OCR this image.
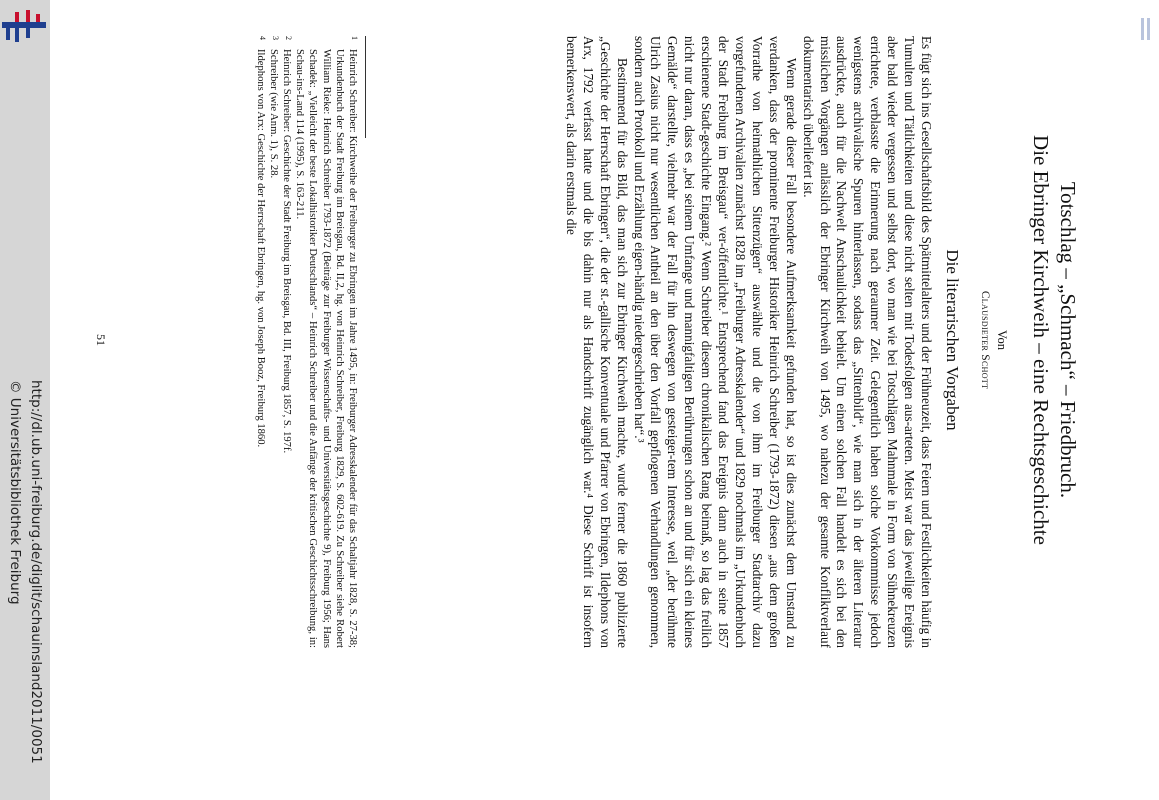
http://dl.ub.uni-freiburg.de/diglit/schauinsland2011/0051
© Universitätsbibliothek Freiburg	Totschlag – „Schmach“ – Friedbruch.
Die Ebringer Kirchweih – eine Rechtsgeschichte
Von
Clausdieter Schott
Die literarischen Vorgaben

Es fügt sich ins Gesellschaftsbild des Spätmittelalters und der Frühneuzeit, dass Feiern und Festlichkeiten häufig in Tumulten und Tätlichkeiten und diese nicht selten mit Todesfolgen aus-arteten. Meist war das jeweilige Ereignis aber bald wieder vergessen und selbst dort, wo man wie bei Totschlägen Mahnmale in Form von Sühnekreuzen errichtete, verblasste die Erinnerung nach geraumer Zeit. Gelegentlich haben solche Vorkommnisse jedoch wenigstens archivalische Spuren hinterlassen, sodass das „Sittenbild“, wie man sich in der älteren Literatur ausdrückte, auch für die Nachwelt Anschaulichkeit behielt. Um einen solchen Fall handelt es sich bei den misslichen Vorgängen anlässlich der Ebringer Kirchweih von 1495, wo nahezu der gesamte Konfliktverlauf dokumentarisch überliefert ist.

Wenn gerade dieser Fall besondere Aufmerksamkeit gefunden hat, so ist dies zunächst dem Umstand zu verdanken, dass der prominente Freiburger Historiker Heinrich Schreiber (1793-1872) diesen „aus dem großen Vorrathe von heimathlichen Sittenzügen“ auswählte und die von ihm im Freiburger Stadtarchiv dazu vorgefundenen Archivalien zunächst 1828 im „Freiburger Adresskalender“ und 1829 nochmals im „Urkundenbuch der Stadt Freiburg im Breisgau“ ver-öffentlichte.¹ Entsprechend fand das Ereignis dann auch in seine 1857 erschienene Stadt-geschichte Eingang.² Wenn Schreiber diesem chronikalischen Rang beimaß, so lag das freilich nicht nur daran, dass es „bei seinem Umfange und mannigfaltigen Berührungen schon an und für sich ein kleines Gemälde“ darstellte, vielmehr war der Fall für ihn deswegen von gesteiger-tem Interesse, weil „der berühmte Ulrich Zasius nicht nur wesentlichen Antheil an den über den Vorfall gepflogenen Verhandlungen genommen, sondern auch Protokoll und Erzählung eigen-händig niedergeschrieben hat“.³

Bestimmend für das Bild, das man sich zur Ebringer Kirchweih machte, wurde ferner die 1860 publizierte „Geschichte der Herrschaft Ebringen“, die der st.-gallische Konventuale und Pfarrer von Ebringen, Ildephons von Arx, 1792 verfasst hatte und die bis dahin nur als Handschrift zugänglich war.⁴ Diese Schrift ist insofern bemerkenswert, als darin erstmals die

1
Heinrich Schreiber: Kirchweihe der Freiburger zu Ebringen im Jahre 1495, in: Freiburger Adresskalender für das Schaltjahr 1828, S. 27-38; Urkundenbuch der Stadt Freiburg im Breisgau, Bd. II,2, hg. von Heinrich Schreiber, Freiburg 1829, S. 602-619. Zu Schreiber siehe Robert William Rieke: Heinrich Schreiber 1793-1872 (Beiträge zur Freiburger Wissenschafts- und Universitätsgeschichte 9), Freiburg 1956; Hans Schadek: „Vielleicht der beste Lokalhistoriker Deutschlands“ – Heinrich Schreiber und die Anfänge der kritischen Geschichtsschreibung, in: Schau-ins-Land 114 (1995), S. 163-211.
2
Heinrich Schreiber: Geschichte der Stadt Freiburg im Breisgau, Bd. III, Freiburg 1857, S. 197f.
3
Schreiber (wie Anm. 1), S. 28.
4
Ildephons von Arx: Geschichte der Herrschaft Ebringen, hg. von Joseph Booz, Freiburg 1860.
51
